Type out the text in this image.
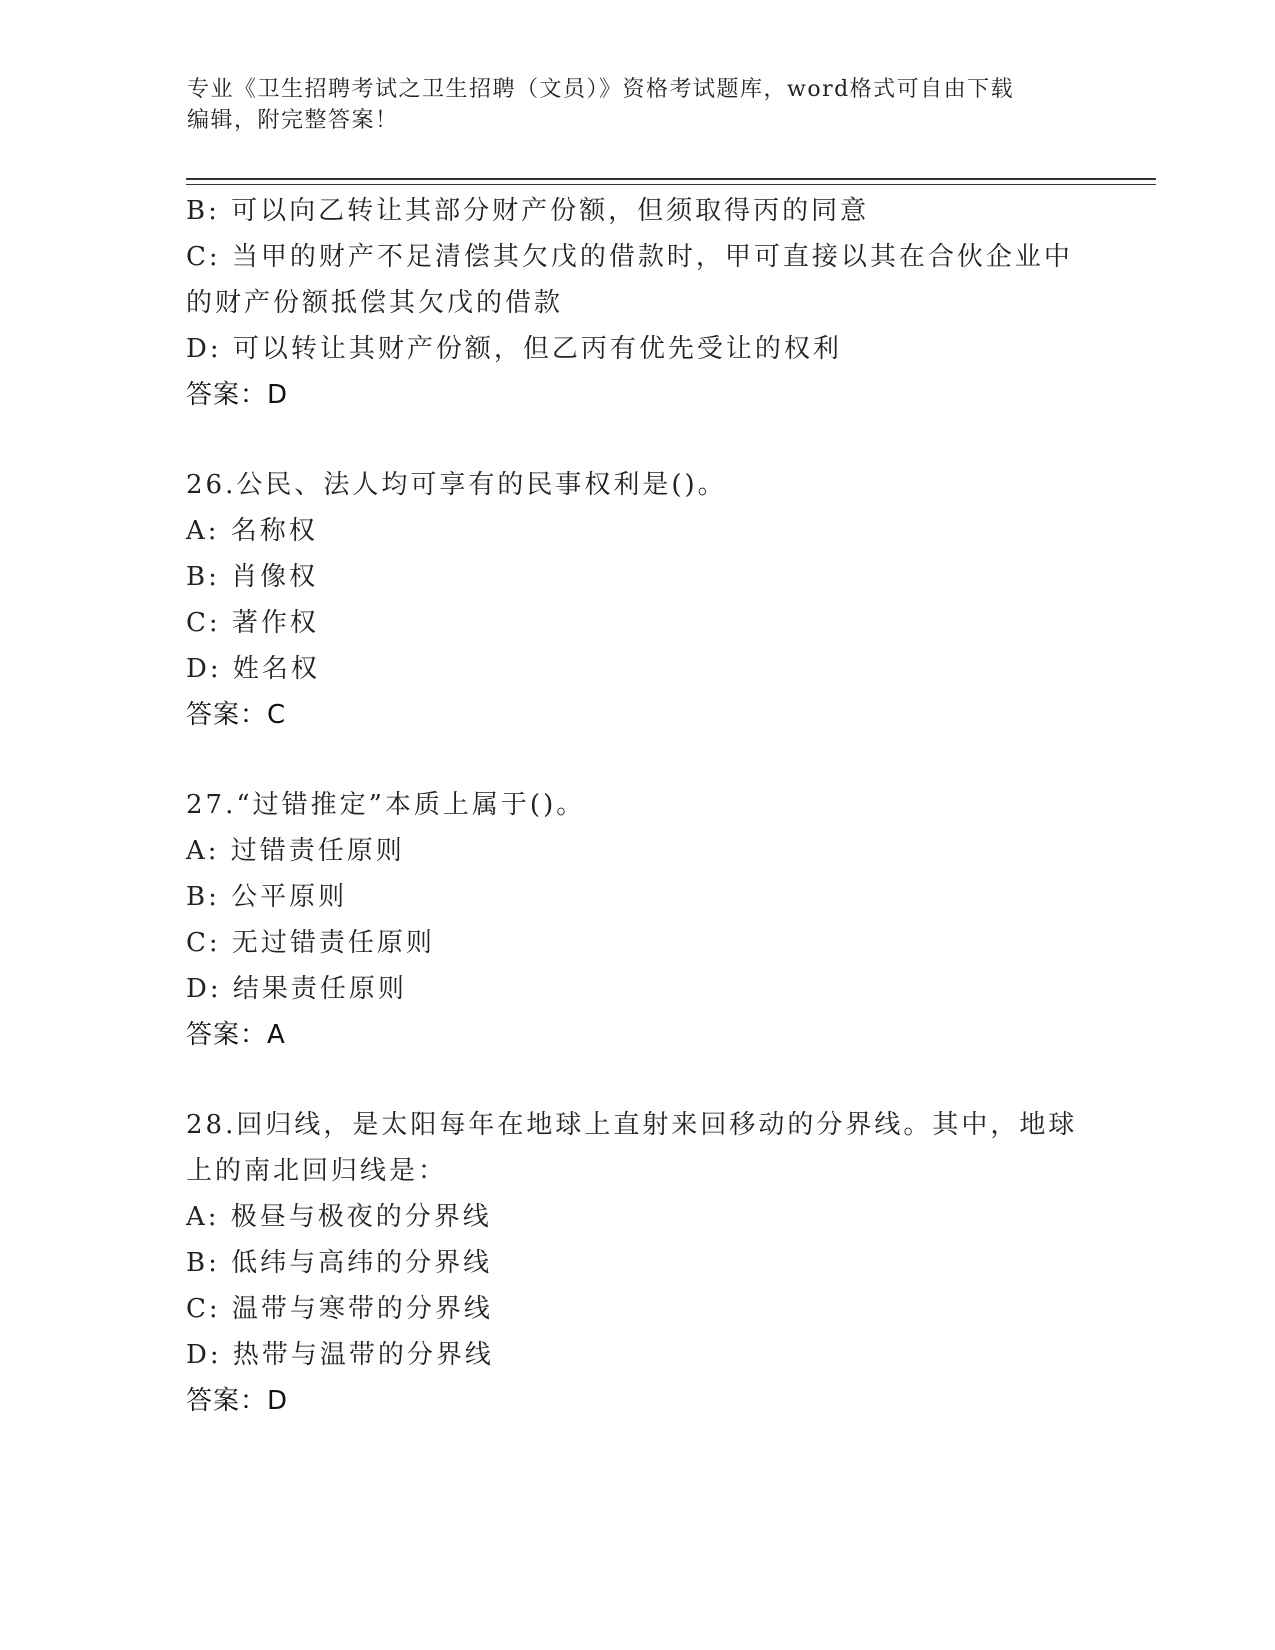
专业《卫生招聘考试之卫生招聘（文员）》资格考试题库，word格式可自由下载
编辑，附完整答案！
B: 可以向乙转让其部分财产份额，但须取得丙的同意
C: 当甲的财产不足清偿其欠戊的借款时，甲可直接以其在合伙企业中
的财产份额抵偿其欠戊的借款
D: 可以转让其财产份额，但乙丙有优先受让的权利
答案：D
26.公民、法人均可享有的民事权利是()。
A: 名称权
B: 肖像权
C: 著作权
D: 姓名权
答案：C
27.“过错推定”本质上属于()。
A: 过错责任原则
B: 公平原则
C: 无过错责任原则
D: 结果责任原则
答案：A
28.回归线，是太阳每年在地球上直射来回移动的分界线。其中，地球
上的南北回归线是：
A: 极昼与极夜的分界线
B: 低纬与高纬的分界线
C: 温带与寒带的分界线
D: 热带与温带的分界线
答案：D
